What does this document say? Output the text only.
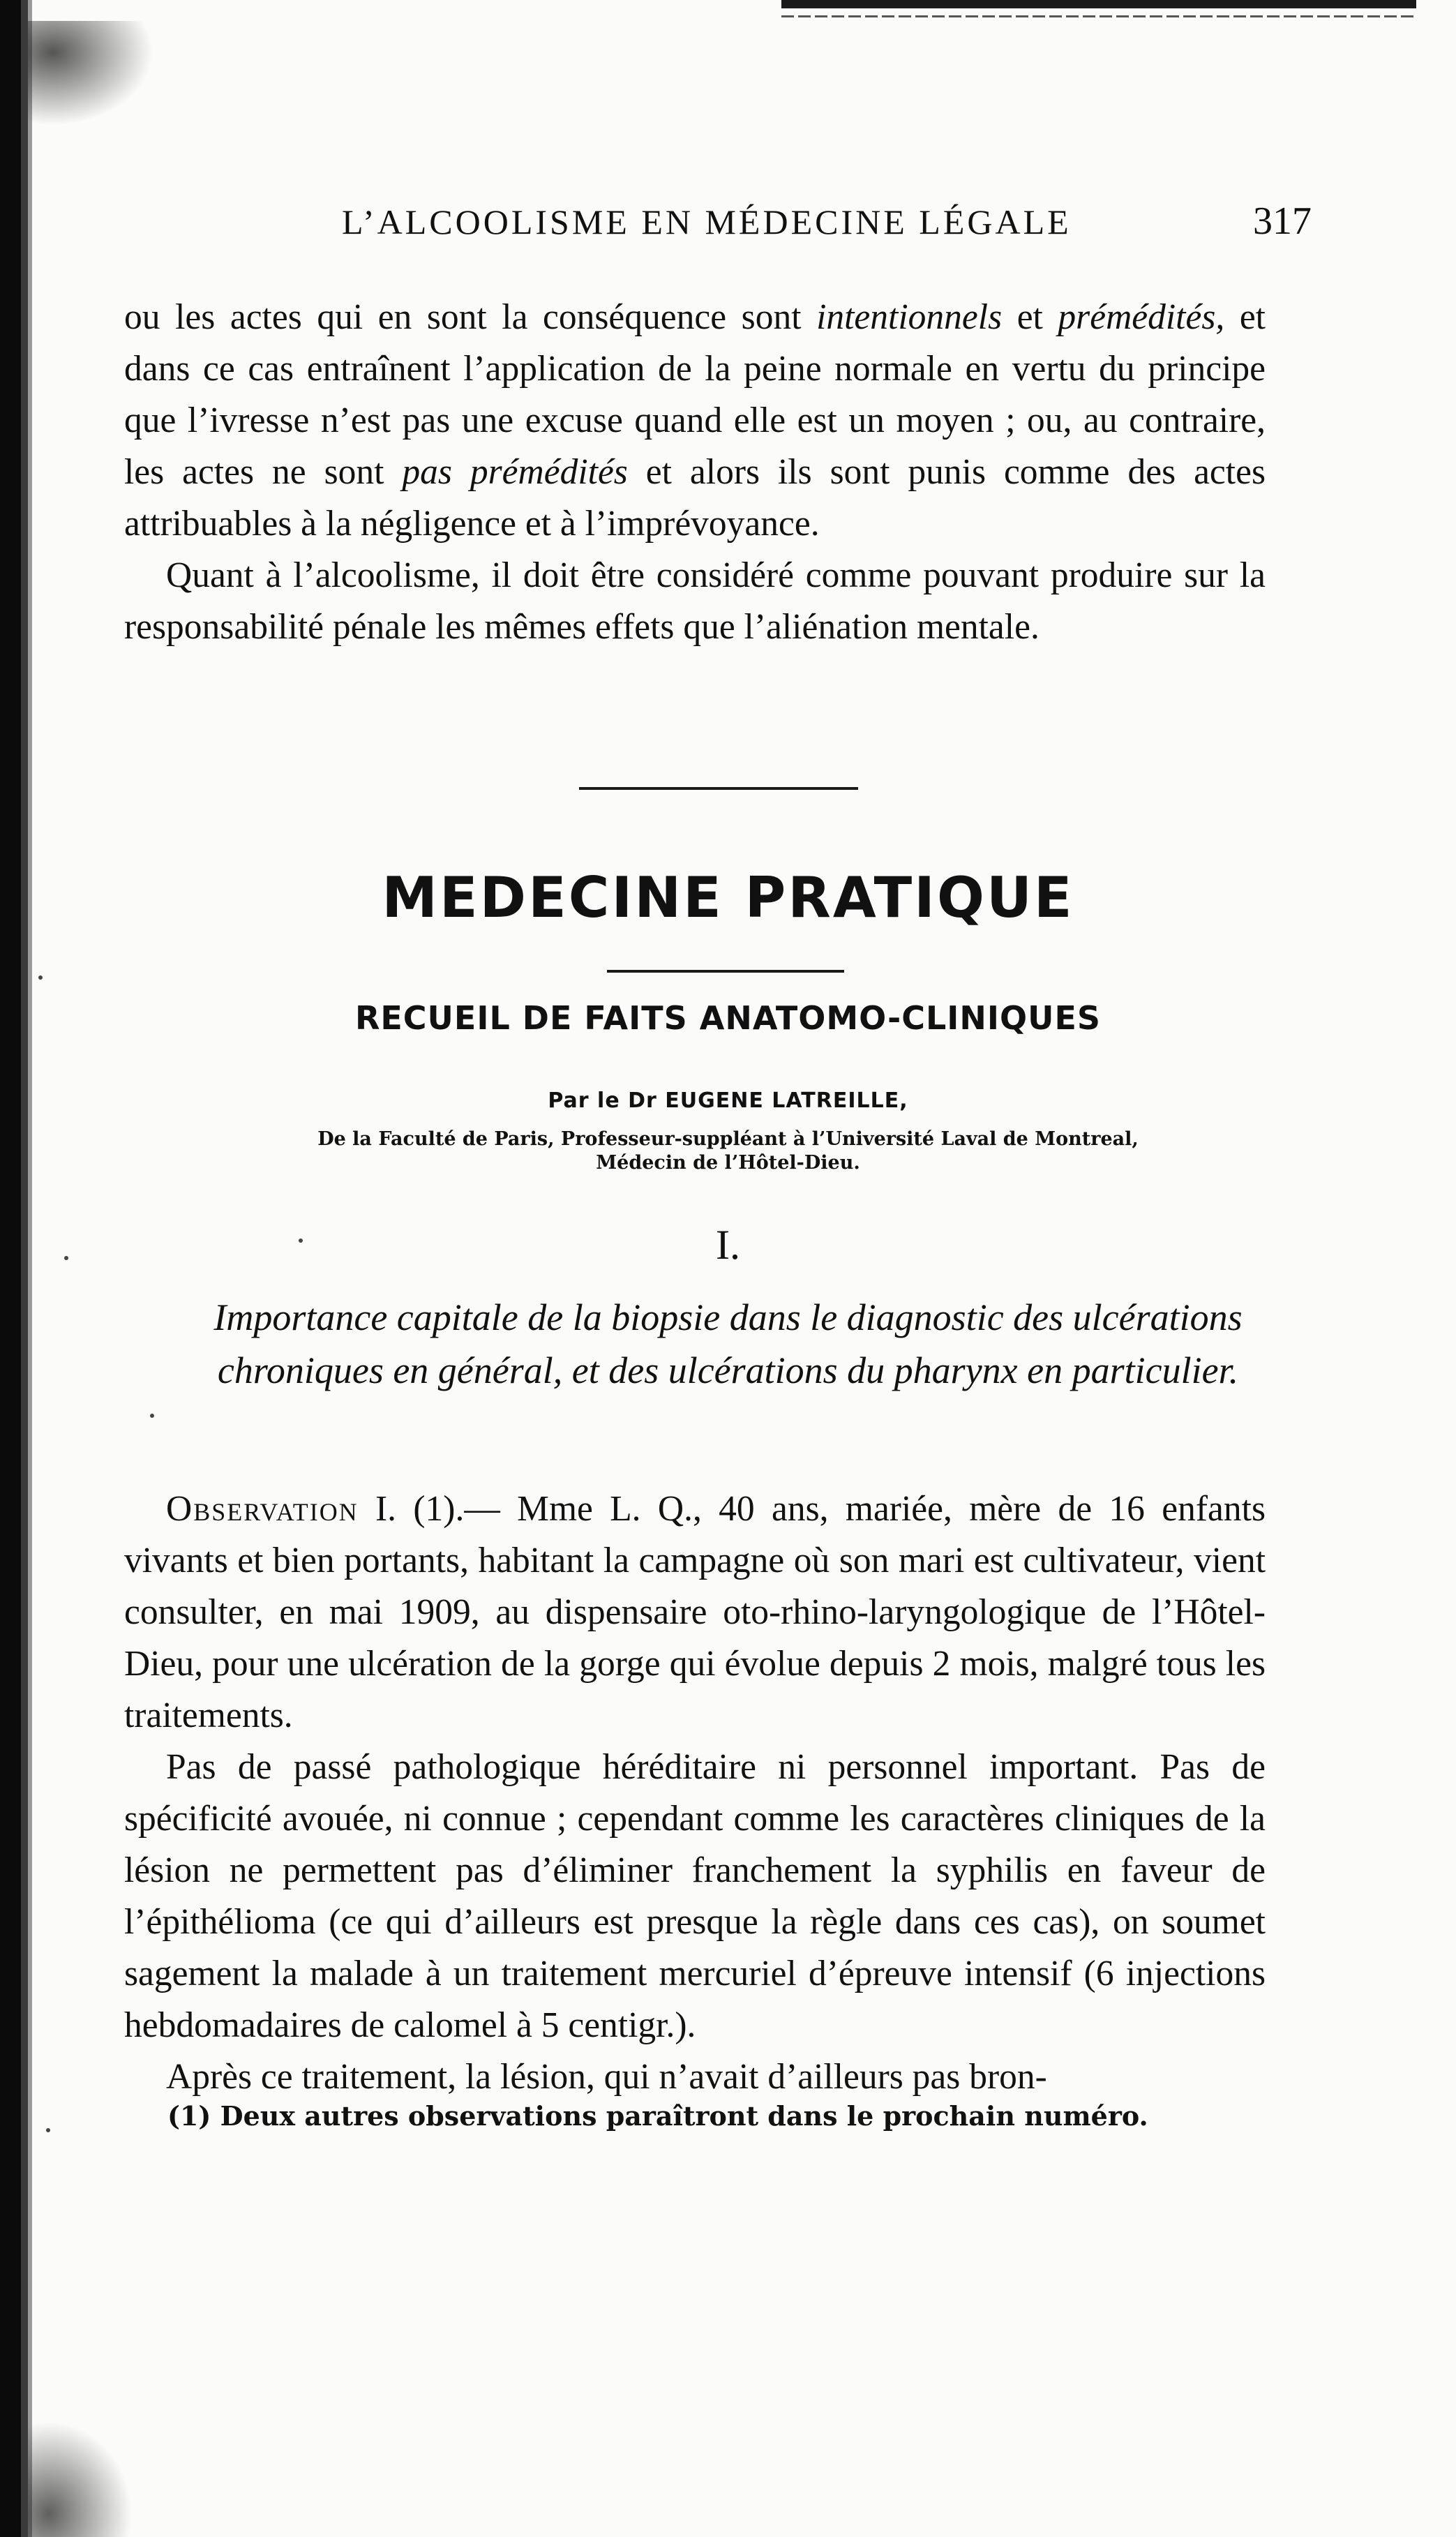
L’ALCOOLISME EN MÉDECINE LÉGALE	317

ou les actes qui en sont la conséquence sont intentionnels et prémédités, et dans ce cas entraînent l’application de la peine normale en vertu du principe que l’ivresse n’est pas une excuse quand elle est un moyen ; ou, au contraire, les actes ne sont pas prémédités et alors ils sont punis comme des actes attribuables à la négligence et à l’imprévoyance.

Quant à l’alcoolisme, il doit être considéré comme pouvant produire sur la responsabilité pénale les mêmes effets que l’aliénation mentale.

MEDECINE PRATIQUE
RECUEIL DE FAITS ANATOMO-CLINIQUES
Par le Dr EUGENE LATREILLE,
De la Faculté de Paris, Professeur-suppléant à l’Université Laval de Montreal,
Médecin de l’Hôtel-Dieu.
I.
Importance capitale de la biopsie dans le diagnostic des ulcérations chroniques en général, et des ulcérations du pharynx en particulier.

Observation I. (1).— Mme L. Q., 40 ans, mariée, mère de 16 enfants vivants et bien portants, habitant la campagne où son mari est cultivateur, vient consulter, en mai 1909, au dispensaire oto-rhino-laryngologique de l’Hôtel-Dieu, pour une ulcération de la gorge qui évolue depuis 2 mois, malgré tous les traitements.

Pas de passé pathologique héréditaire ni personnel important. Pas de spécificité avouée, ni connue ; cependant comme les caractères cliniques de la lésion ne permettent pas d’éliminer franchement la syphilis en faveur de l’épithélioma (ce qui d’ailleurs est presque la règle dans ces cas), on soumet sagement la malade à un traitement mercuriel d’épreuve intensif (6 injections hebdomadaires de calomel à 5 centigr.).

Après ce traitement, la lésion, qui n’avait d’ailleurs pas bron-

(1) Deux autres observations paraîtront dans le prochain numéro.
